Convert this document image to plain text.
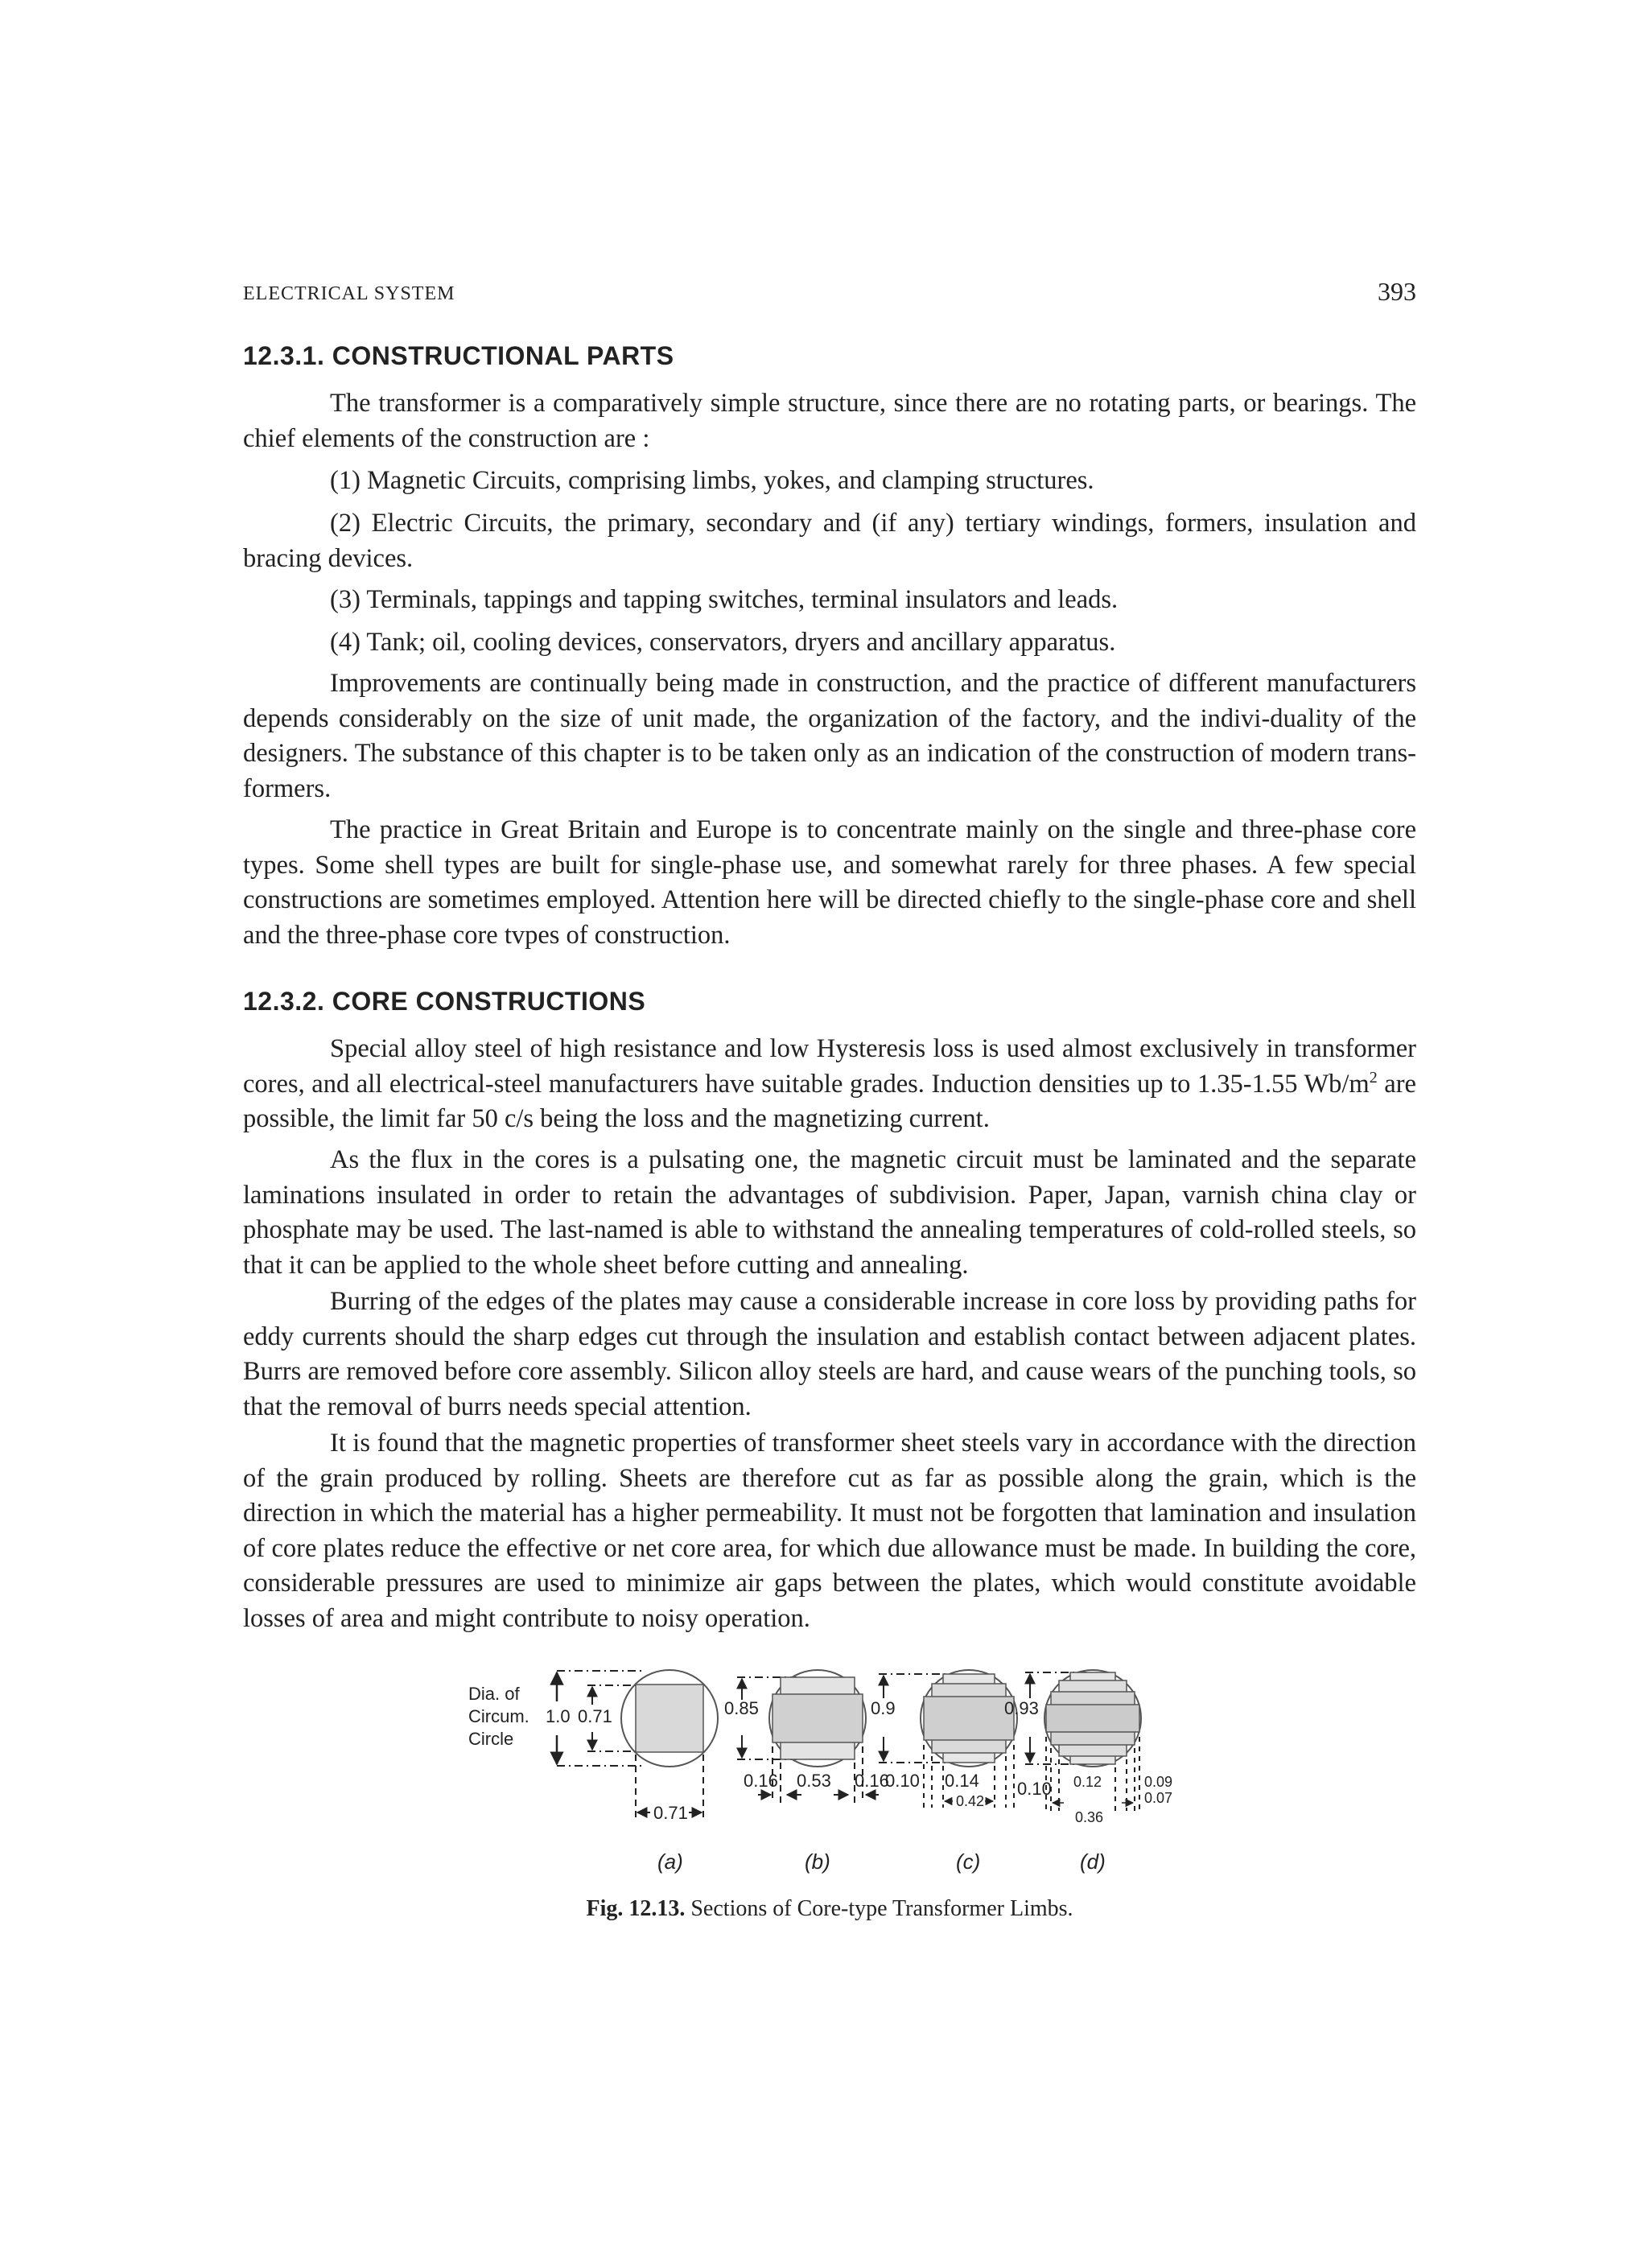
ELECTRICAL SYSTEM	393
12.3.1. CONSTRUCTIONAL PARTS

The transformer is a comparatively simple structure, since there are no rotating parts, or bearings. The chief elements of the construction are :

(1) Magnetic Circuits, comprising limbs, yokes, and clamping structures.

(2) Electric Circuits, the primary, secondary and (if any) tertiary windings, formers, insulation and bracing devices.

(3) Terminals, tappings and tapping switches, terminal insulators and leads.

(4) Tank; oil, cooling devices, conservators, dryers and ancillary apparatus.

Improvements are continually being made in construction, and the practice of different manufacturers depends considerably on the size of unit made, the organization of the factory, and the indivi-duality of the designers. The substance of this chapter is to be taken only as an indication of the construction of modern trans-formers.

The practice in Great Britain and Europe is to concentrate mainly on the single and three-phase core types. Some shell types are built for single-phase use, and somewhat rarely for three phases. A few special constructions are sometimes employed. Attention here will be directed chiefly to the single-phase core and shell and the three-phase core tvpes of construction.

12.3.2. CORE CONSTRUCTIONS

Special alloy steel of high resistance and low Hysteresis loss is used almost exclusively in transformer cores, and all electrical-steel manufacturers have suitable grades. Induction densities up to 1.35-1.55 $Wb/m^2$ are possible, the limit far 50 c/s being the loss and the magnetizing current.

As the flux in the cores is a pulsating one, the magnetic circuit must be laminated and the separate laminations insulated in order to retain the advantages of subdivision. Paper, Japan, varnish china clay or phosphate may be used. The last-named is able to withstand the annealing temperatures of cold-rolled steels, so that it can be applied to the whole sheet before cutting and annealing.

Burring of the edges of the plates may cause a considerable increase in core loss by providing paths for eddy currents should the sharp edges cut through the insulation and establish contact between adjacent plates. Burrs are removed before core assembly. Silicon alloy steels are hard, and cause wears of the punching tools, so that the removal of burrs needs special attention.

It is found that the magnetic properties of transformer sheet steels vary in accordance with the direction of the grain produced by rolling. Sheets are therefore cut as far as possible along the grain, which is the direction in which the material has a higher permeability. It must not be forgotten that lamination and insulation of core plates reduce the effective or net core area, for which due allowance must be made. In building the core, considerable pressures are used to minimize air gaps between the plates, which would constitute avoidable losses of area and might contribute to noisy operation.

Dia. of
Circum.
Circle
1.0 0.71
0.71
(a)
0.85
0.16 0.53 0.16
(b)
0.9
0.10 0.14
0.42
0.10
(c)
0.93
0.12
0.36
0.09
0.07
(d)
Fig. 12.13. Sections of Core-type Transformer Limbs.
